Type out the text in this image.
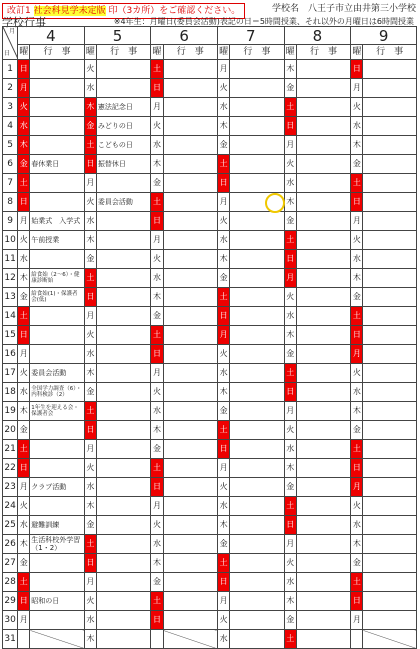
改訂1 社会科見学未定版 印（3カ所）をご確認ください。	学校名　八王子市立由井第三小学校
学校行事	※4年生：月曜日(委員会活動)表記の日＝5時間授業、それ以外の月曜日は6時間授業
月
日	4		5		6		7		8		9	
	曜	行　事	曜	行　事	曜	行　事	曜	行　事	曜	行　事	曜	行　事
1	日		火		土		月		木		日	
2	月		水		日		火		金		月	
3	火		木	憲法記念日	月		水		土		火	
4	水		金	みどりの日	火		木		日		水	
5	木		土	こどもの日	水		金		月		木	
6	金	春休業日	日	振替休日	木		土		火		金	
7	土		月		金		日		水		土	
8	日		火	委員会活動	土		月		木		日	
9	月	始業式　入学式	水		日		火		金		月	
10	火	午前授業	木		月		水		土		火	
11	水		金		火		木		日		水	
12	木	給食始（2～6）・健康診断始	土		水		金		月		木	
13	金	給食始(1)・保護者会(低)	日		木		土		火		金	
14	土		月		金		日		水		土	
15	日		火		土		月		木		日	
16	月		水		日		火		金		月	
17	火	委員会活動	木		月		水		土		火	
18	水	全国学力調査（6）・内科検診（2）	金		火		木		日		水	
19	木	1年生を迎える会・保護者会	土		水		金		月		木	
20	金		日		木		土		火		金	
21	土		月		金		日		水		土	
22	日		火		土		月		木		日	
23	月	クラブ活動	水		日		火		金		月	
24	火		木		月		水		土		火	
25	水	避難訓練	金		火		木		日		水	
26	木	生活科校外学習（1・2）	土		水		金		月		木	
27	金		日		木		土		火		金	
28	土		月		金		日		水		土	
29	日	昭和の日	火		土		月		木		日	
30	月		水		日		火		金		月	
31			木				水		土			
